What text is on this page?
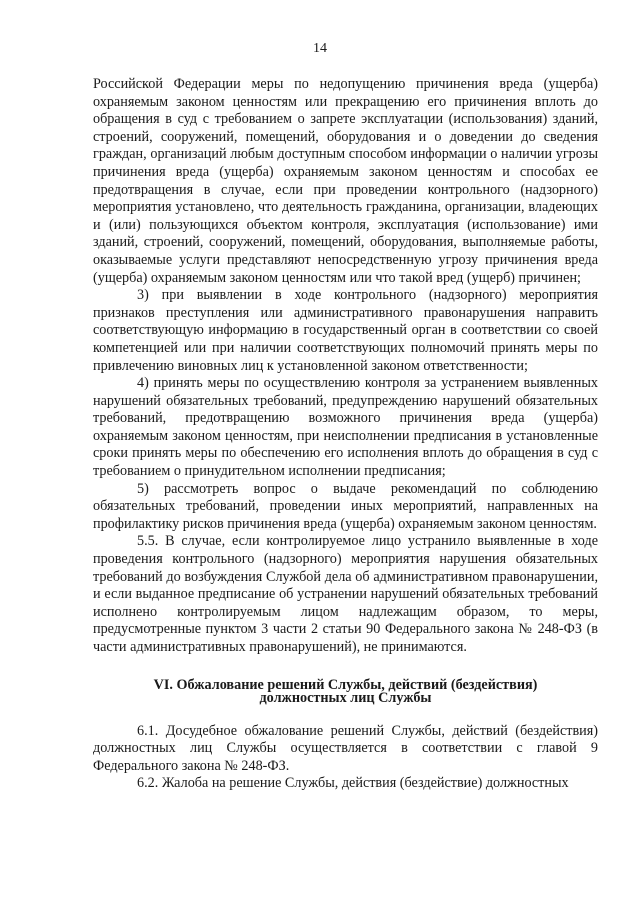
14

Российской Федерации меры по недопущению причинения вреда (ущерба) охраняемым законом ценностям или прекращению его причинения вплоть до обращения в суд с требованием о запрете эксплуатации (использования) зданий, строений, сооружений, помещений, оборудования и о доведении до сведения граждан, организаций любым доступным способом информации о наличии угрозы причинения вреда (ущерба) охраняемым законом ценностям и способах ее предотвращения в случае, если при проведении контрольного (надзорного) мероприятия установлено, что деятельность гражданина, организации, владеющих и (или) пользующихся объектом контроля, эксплуатация (использование) ими зданий, строений, сооружений, помещений, оборудования, выполняемые работы, оказываемые услуги представляют непосредственную угрозу причинения вреда (ущерба) охраняемым законом ценностям или что такой вред (ущерб) причинен;

3) при выявлении в ходе контрольного (надзорного) мероприятия признаков преступления или административного правонарушения направить соответствующую информацию в государственный орган в соответствии со своей компетенцией или при наличии соответствующих полномочий принять меры по привлечению виновных лиц к установленной законом ответственности;

4) принять меры по осуществлению контроля за устранением выявленных нарушений обязательных требований, предупреждению нарушений обязательных требований, предотвращению возможного причинения вреда (ущерба) охраняемым законом ценностям, при неисполнении предписания в установленные сроки принять меры по обеспечению его исполнения вплоть до обращения в суд с требованием о принудительном исполнении предписания;

5) рассмотреть вопрос о выдаче рекомендаций по соблюдению обязательных требований, проведении иных мероприятий, направленных на профилактику рисков причинения вреда (ущерба) охраняемым законом ценностям.

5.5. В случае, если контролируемое лицо устранило выявленные в ходе проведения контрольного (надзорного) мероприятия нарушения обязательных требований до возбуждения Службой дела об административном правонарушении, и если выданное предписание об устранении нарушений обязательных требований исполнено контролируемым лицом надлежащим образом, то меры, предусмотренные пунктом 3 части 2 статьи 90 Федерального закона № 248-ФЗ (в части административных правонарушений), не принимаются.

VI. Обжалование решений Службы, действий (бездействия)
должностных лиц Службы

6.1. Досудебное обжалование решений Службы, действий (бездействия) должностных лиц Службы осуществляется в соответствии с главой 9 Федерального закона № 248-ФЗ.

6.2. Жалоба на решение Службы, действия (бездействие) должностных
